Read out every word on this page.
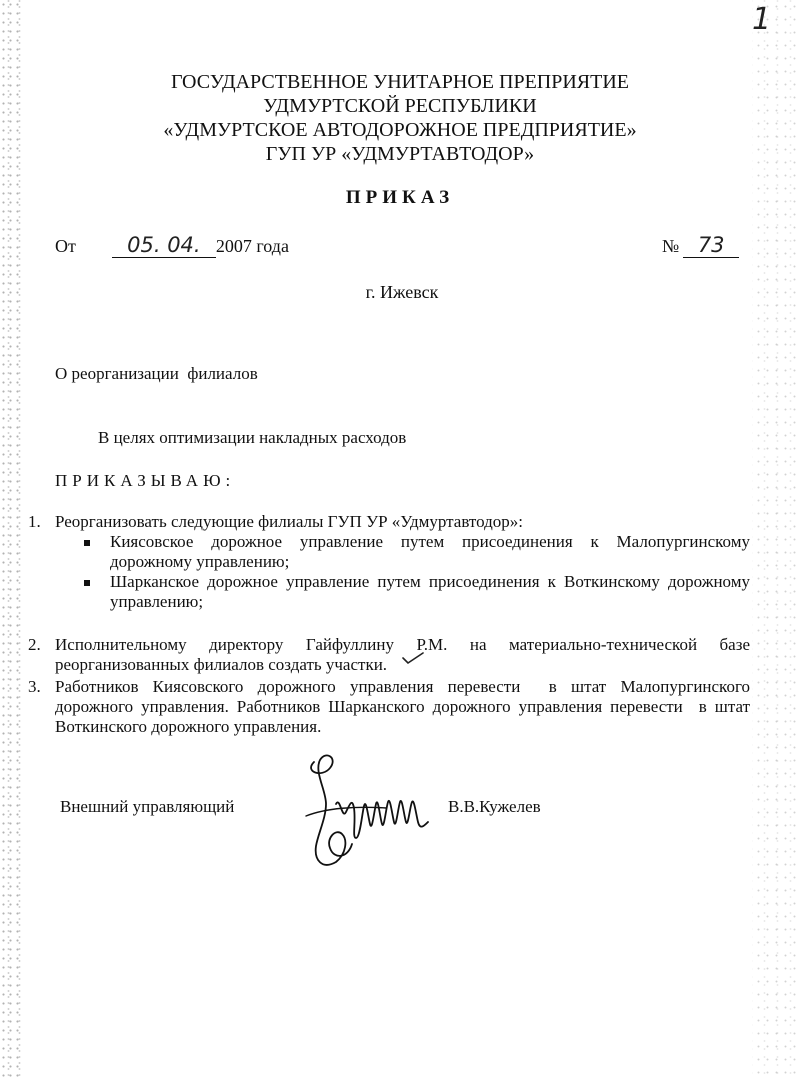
1
ГОСУДАРСТВЕННОЕ УНИТАРНОЕ ПРЕПРИЯТИЕ
УДМУРТСКОЙ РЕСПУБЛИКИ
«УДМУРТСКОЕ АВТОДОРОЖНОЕ ПРЕДПРИЯТИЕ»
ГУП УР «УДМУРТАВТОДОР»
ПРИКАЗ
От 05. 04. 2007 года	№ 73
г. Ижевск
О реорганизации  филиалов
В целях оптимизации накладных расходов
ПРИКАЗЫВАЮ:
1. Реорганизовать следующие филиалы ГУП УР «Удмуртавтодор»:
Киясовское дорожное управление путем присоединения к Малопургинскому дорожному управлению;
Шарканское дорожное управление путем присоединения к Воткинскому дорожному управлению;
2. Исполнительному директору Гайфуллину Р.М. на материально-технической базе реорганизованных филиалов создать участки.
3. Работников Киясовского дорожного управления перевести  в штат Малопургинского дорожного управления. Работников Шарканского дорожного управления перевести  в штат Воткинского дорожного управления.
Внешний управляющий	В.В.Кужелев
